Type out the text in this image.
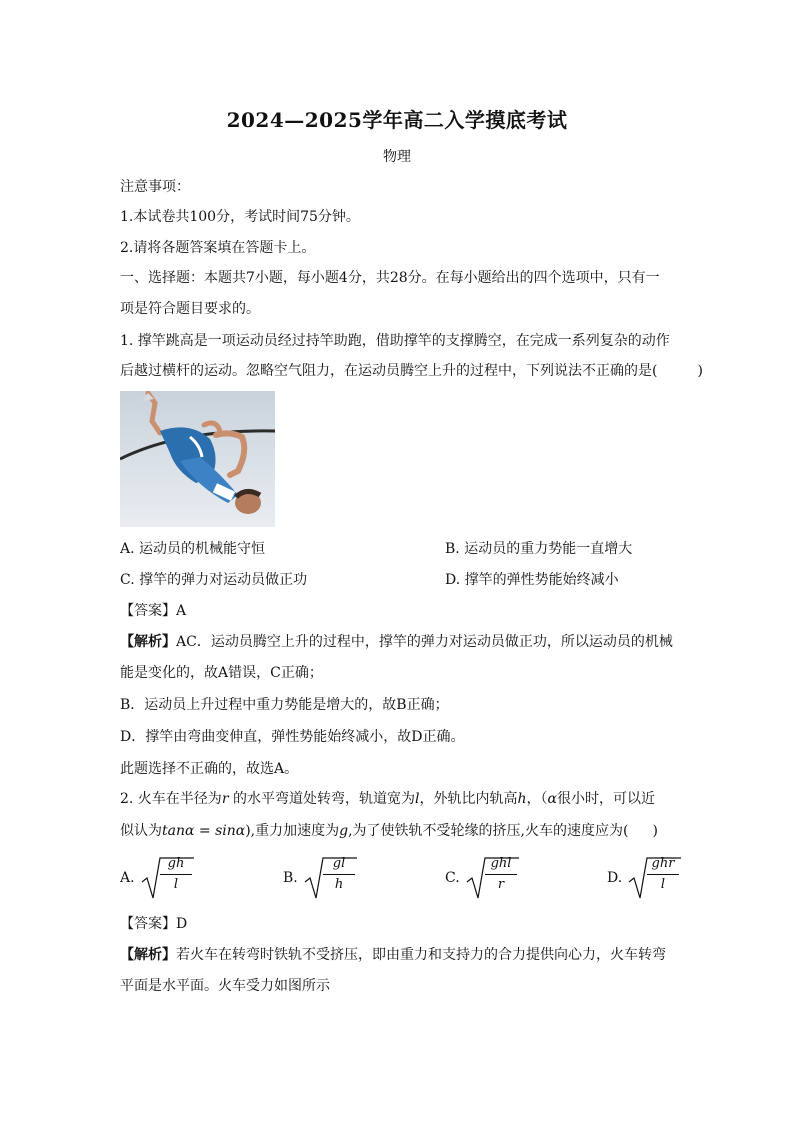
2024—2025学年高二入学摸底考试
物理
注意事项：
1.本试卷共100分，考试时间75分钟。
2.请将各题答案填在答题卡上。
一、选择题：本题共7小题，每小题4分，共28分。在每小题给出的四个选项中，只有一
项是符合题目要求的。
1. 撑竿跳高是一项运动员经过持竿助跑，借助撑竿的支撑腾空，在完成一系列复杂的动作
后越过横杆的运动。忽略空气阻力，在运动员腾空上升的过程中，下列说法不正确的是(	)
A. 运动员的机械能守恒	B. 运动员的重力势能一直增大
C. 撑竿的弹力对运动员做正功	D. 撑竿的弹性势能始终减小
【答案】A
【解析】AC．运动员腾空上升的过程中，撑竿的弹力对运动员做正功，所以运动员的机械
能是变化的，故A错误，C正确；
B．运动员上升过程中重力势能是增大的，故B正确；
D．撑竿由弯曲变伸直，弹性势能始终减小，故D正确。
此题选择不正确的，故选A。
2. 火车在半径为r 的水平弯道处转弯，轨道宽为l，外轨比内轨高h，（α很小时，可以近
似认为tanα = sinα),重力加速度为g,为了使铁轨不受轮缘的挤压,火车的速度应为( )
A.
gh
l	B.
gl
h	C.
ghl
r	D.
ghr
l
【答案】D
【解析】若火车在转弯时铁轨不受挤压，即由重力和支持力的合力提供向心力，火车转弯
平面是水平面。火车受力如图所示
